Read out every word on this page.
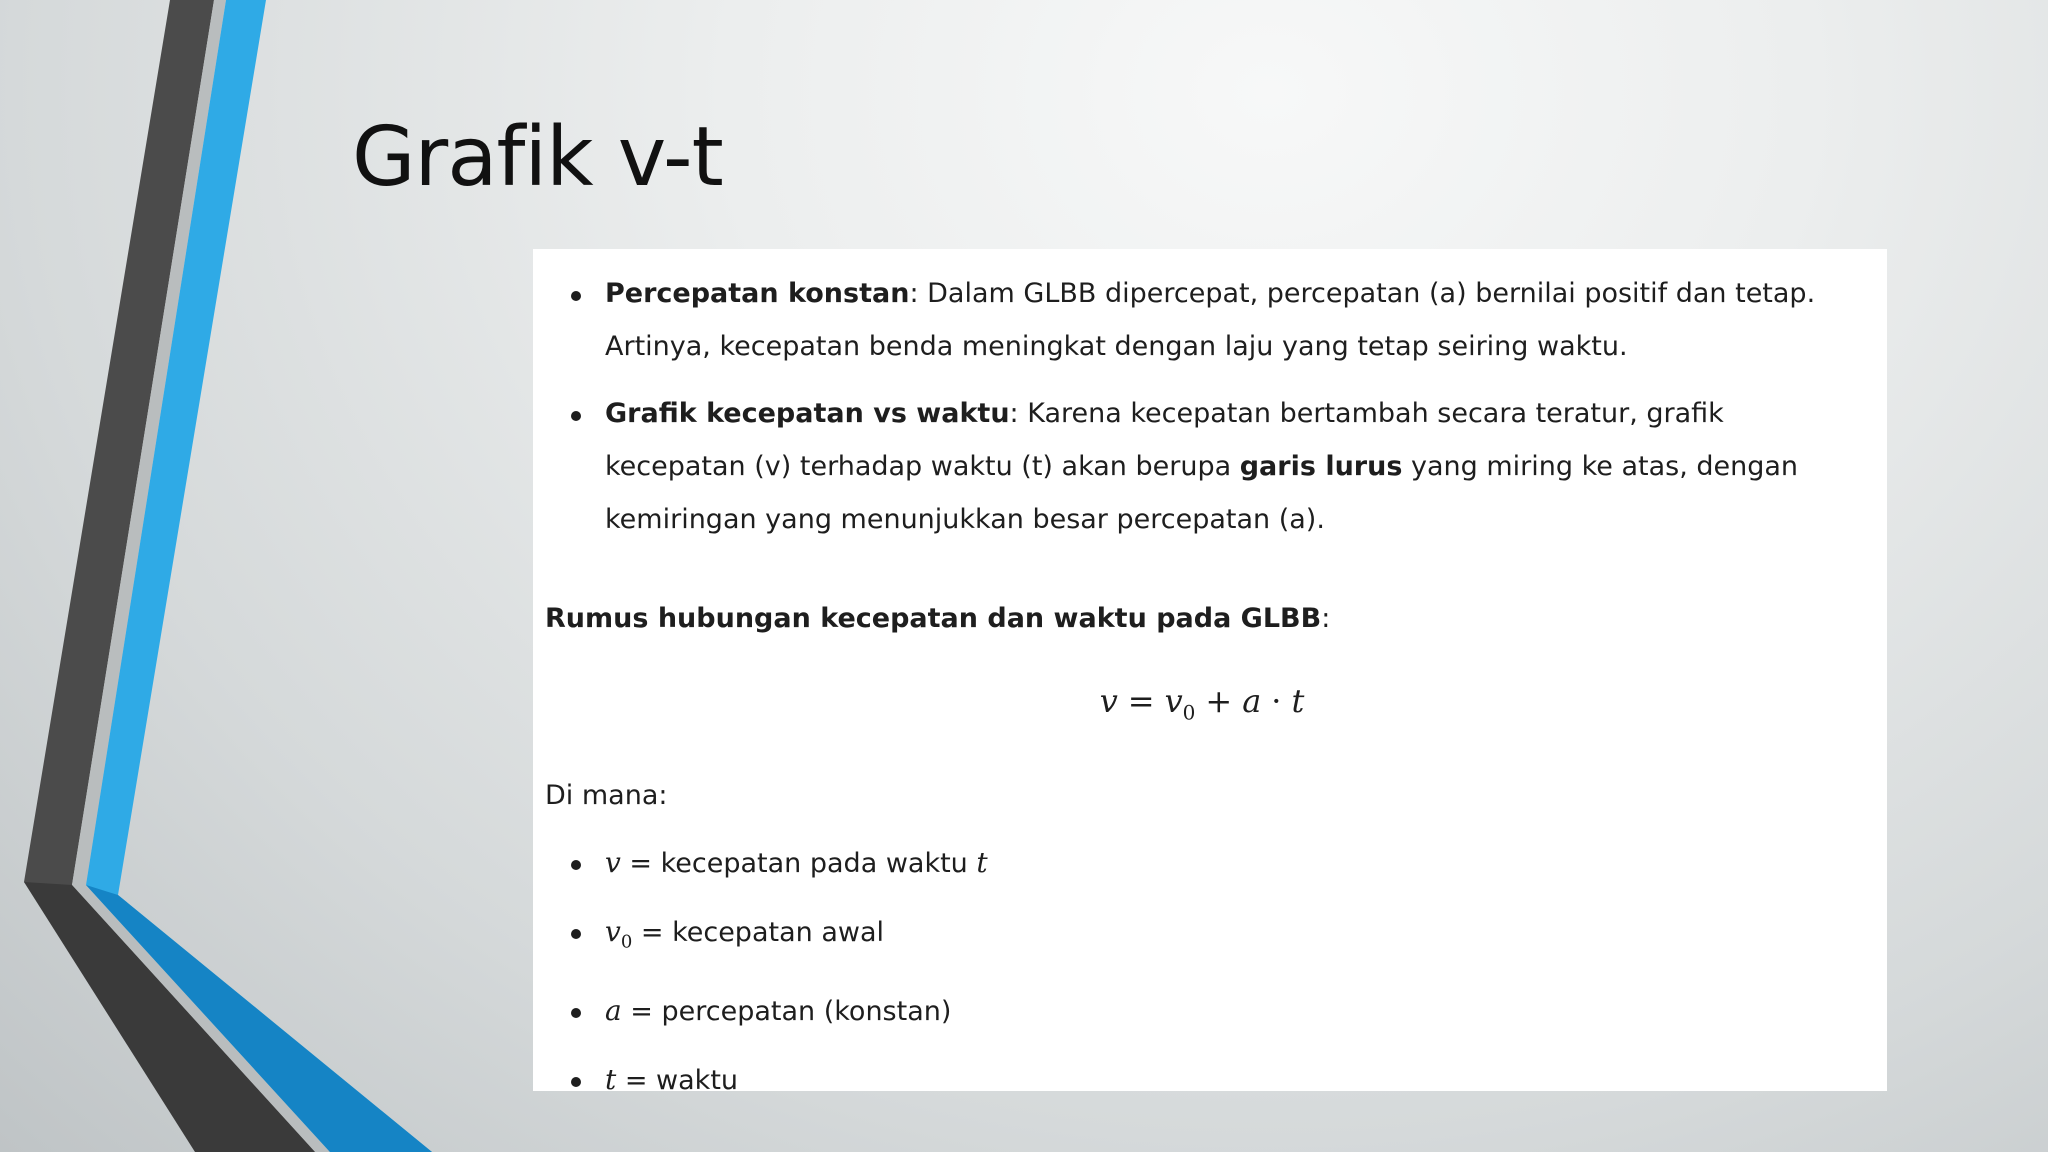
Grafik v-t
Percepatan konstan: Dalam GLBB dipercepat, percepatan (a) bernilai positif dan tetap. Artinya, kecepatan benda meningkat dengan laju yang tetap seiring waktu.
Grafik kecepatan vs waktu: Karena kecepatan bertambah secara teratur, grafik kecepatan (v) terhadap waktu (t) akan berupa garis lurus yang miring ke atas, dengan kemiringan yang menunjukkan besar percepatan (a).

Rumus hubungan kecepatan dan waktu pada GLBB:

$v = v_0 + a \cdot t$

Di mana:

v = kecepatan pada waktu t
$v_0$ = kecepatan awal
a = percepatan (konstan)
t = waktu
